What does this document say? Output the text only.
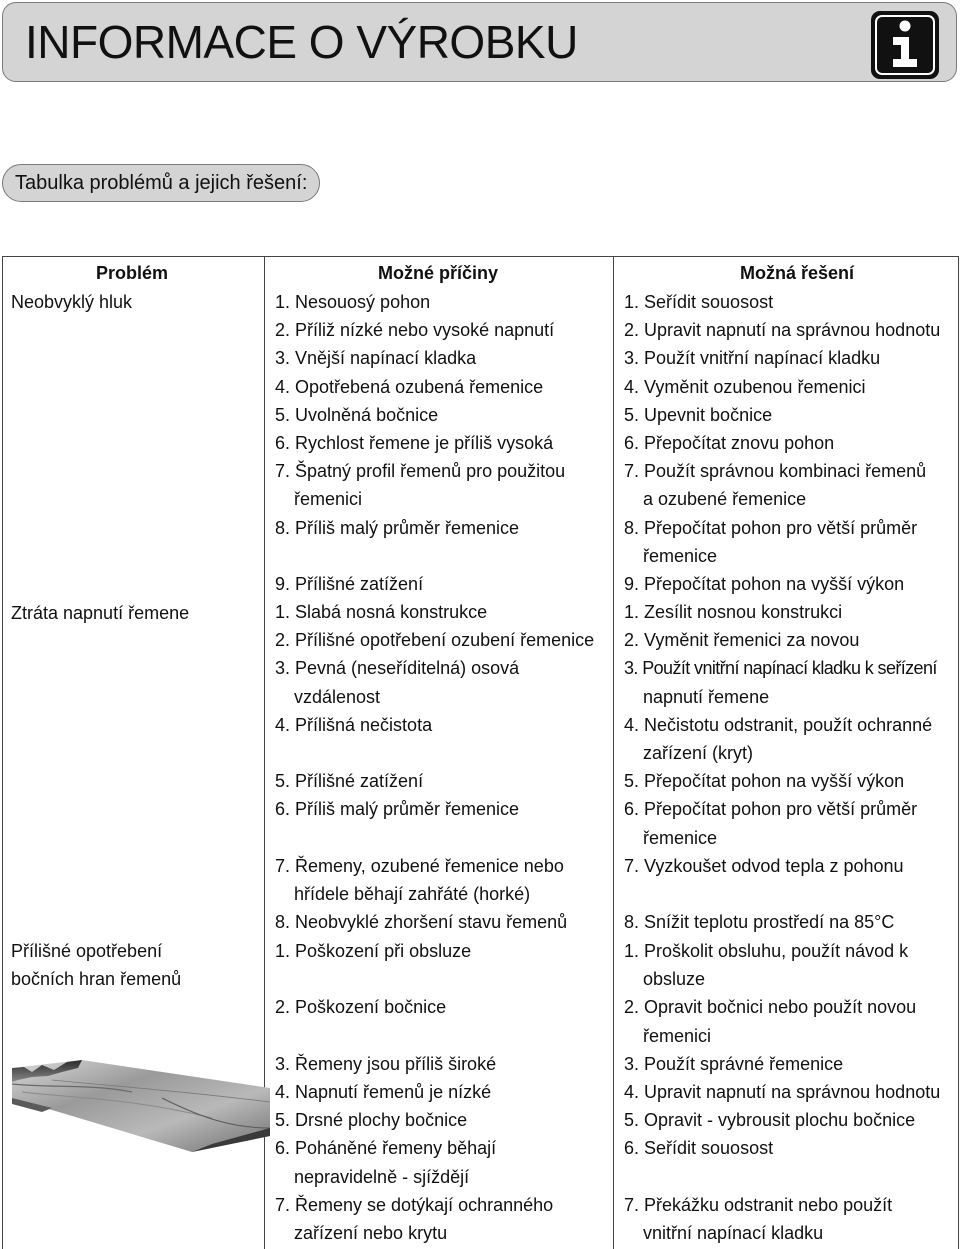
INFORMACE O VÝROBKU
Tabulka problémů a jejich řešení:
Problém	Možné příčiny	Možná řešení
Neobvyklý hluk
Ztráta napnutí řemene
Přílišné opotřebení
bočních hran řemenů
1. Nesouosý pohon
2. Příliž nízké nebo vysoké napnutí
3. Vnější napínací kladka
4. Opotřebená ozubená řemenice
5. Uvolněná bočnice
6. Rychlost řemene je příliš vysoká
7. Špatný profil řemenů pro použitou
řemenici
8. Příliš malý průměr řemenice
9. Přílišné zatížení
1. Seřídit souosost
2. Upravit napnutí na správnou hodnotu
3. Použít vnitřní napínací kladku
4. Vyměnit ozubenou řemenici
5. Upevnit bočnice
6. Přepočítat znovu pohon
7. Použít správnou kombinaci řemenů
a ozubené řemenice
8. Přepočítat pohon pro větší průměr
řemenice
9. Přepočítat pohon na vyšší výkon
1. Slabá nosná konstrukce
2. Přílišné opotřebení ozubení řemenice
3. Pevná (neseříditelná) osová
vzdálenost
4. Přílišná nečistota
5. Přílišné zatížení
6. Příliš malý průměr řemenice
7. Řemeny, ozubené řemenice nebo
hřídele běhají zahřáté (horké)
8. Neobvyklé zhoršení stavu řemenů
1. Zesílit nosnou konstrukci
2. Vyměnit řemenici za novou
3. Použít vnitřní napínací kladku k seřízení
napnutí řemene
4. Nečistotu odstranit, použít ochranné
zařízení (kryt)
5. Přepočítat pohon na vyšší výkon
6. Přepočítat pohon pro větší průměr
řemenice
7. Vyzkoušet odvod tepla z pohonu
8. Snížit teplotu prostředí na 85°C
1. Poškození při obsluze
2. Poškození bočnice
3. Řemeny jsou příliš široké
4. Napnutí řemenů je nízké
5. Drsné plochy bočnice
6. Poháněné řemeny běhají
nepravidelně - sjíždějí
7. Řemeny se dotýkají ochranného
zařízení nebo krytu
1. Proškolit obsluhu, použít návod k
obsluze
2. Opravit bočnici nebo použít novou
řemenici
3. Použít správné řemenice
4. Upravit napnutí na správnou hodnotu
5. Opravit - vybrousit plochu bočnice
6. Seřídit souosost
7. Překážku odstranit nebo použít
vnitřní napínací kladku
